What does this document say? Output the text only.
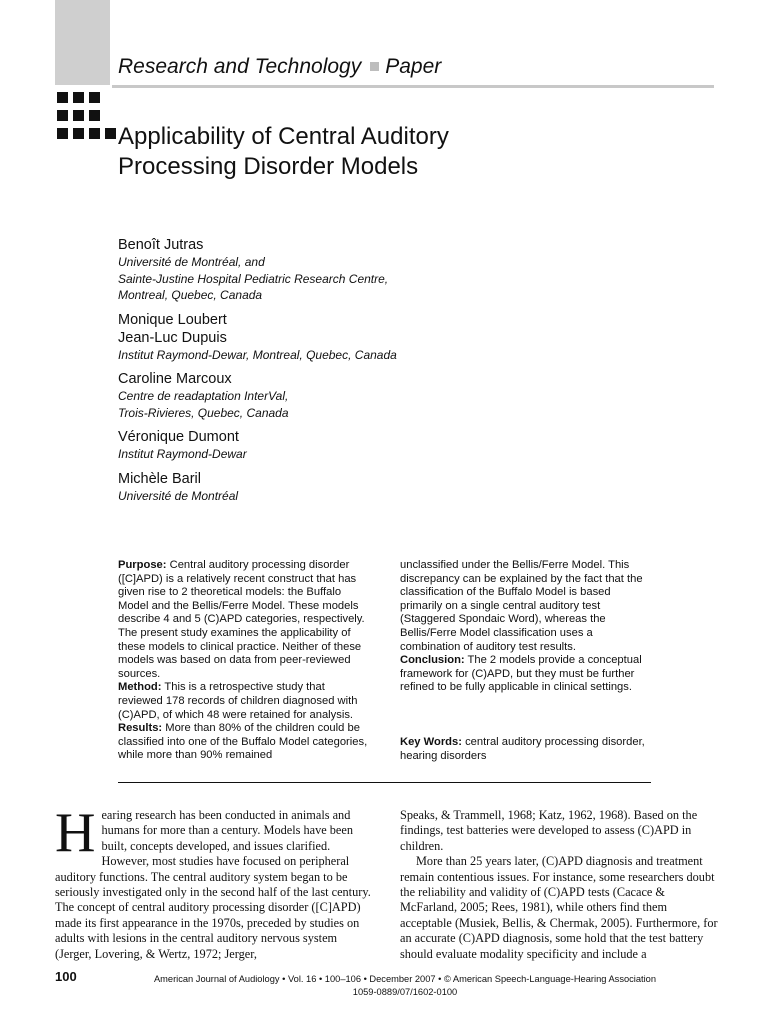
Research and Technology Paper
Applicability of Central Auditory
Processing Disorder Models
Benoît Jutras
Université de Montréal, and
Sainte-Justine Hospital Pediatric Research Centre,
Montreal, Quebec, Canada
Monique Loubert
Jean-Luc Dupuis
Institut Raymond-Dewar, Montreal, Quebec, Canada
Caroline Marcoux
Centre de readaptation InterVal,
Trois-Rivieres, Quebec, Canada
Véronique Dumont
Institut Raymond-Dewar
Michèle Baril
Université de Montréal
Purpose: Central auditory processing disorder ([C]APD) is a relatively recent construct that has given rise to 2 theoretical models: the Buffalo Model and the Bellis/Ferre Model. These models describe 4 and 5 (C)APD categories, respectively. The present study examines the applicability of these models to clinical practice. Neither of these models was based on data from peer-reviewed sources.
Method: This is a retrospective study that reviewed 178 records of children diagnosed with (C)APD, of which 48 were retained for analysis.
Results: More than 80% of the children could be classified into one of the Buffalo Model categories, while more than 90% remained
unclassified under the Bellis/Ferre Model. This discrepancy can be explained by the fact that the classification of the Buffalo Model is based primarily on a single central auditory test (Staggered Spondaic Word), whereas the Bellis/Ferre Model classification uses a combination of auditory test results.
Conclusion: The 2 models provide a conceptual framework for (C)APD, but they must be further refined to be fully applicable in clinical settings.
Key Words: central auditory processing disorder, hearing disorders
Hearing research has been conducted in animals and humans for more than a century. Models have been built, concepts developed, and issues clarified. However, most studies have focused on peripheral auditory functions. The central auditory system began to be seriously investigated only in the second half of the last century. The concept of central auditory processing disorder ([C]APD) made its first appearance in the 1970s, preceded by studies on adults with lesions in the central auditory nervous system (Jerger, Lovering, & Wertz, 1972; Jerger,
Speaks, & Trammell, 1968; Katz, 1962, 1968). Based on the findings, test batteries were developed to assess (C)APD in children.
More than 25 years later, (C)APD diagnosis and treatment remain contentious issues. For instance, some researchers doubt the reliability and validity of (C)APD tests (Cacace & McFarland, 2005; Rees, 1981), while others find them acceptable (Musiek, Bellis, & Chermak, 2005). Furthermore, for an accurate (C)APD diagnosis, some hold that the test battery should evaluate modality specificity and include a
100	American Journal of Audiology • Vol. 16 • 100–106 • December 2007 • © American Speech-Language-Hearing Association
1059-0889/07/1602-0100
